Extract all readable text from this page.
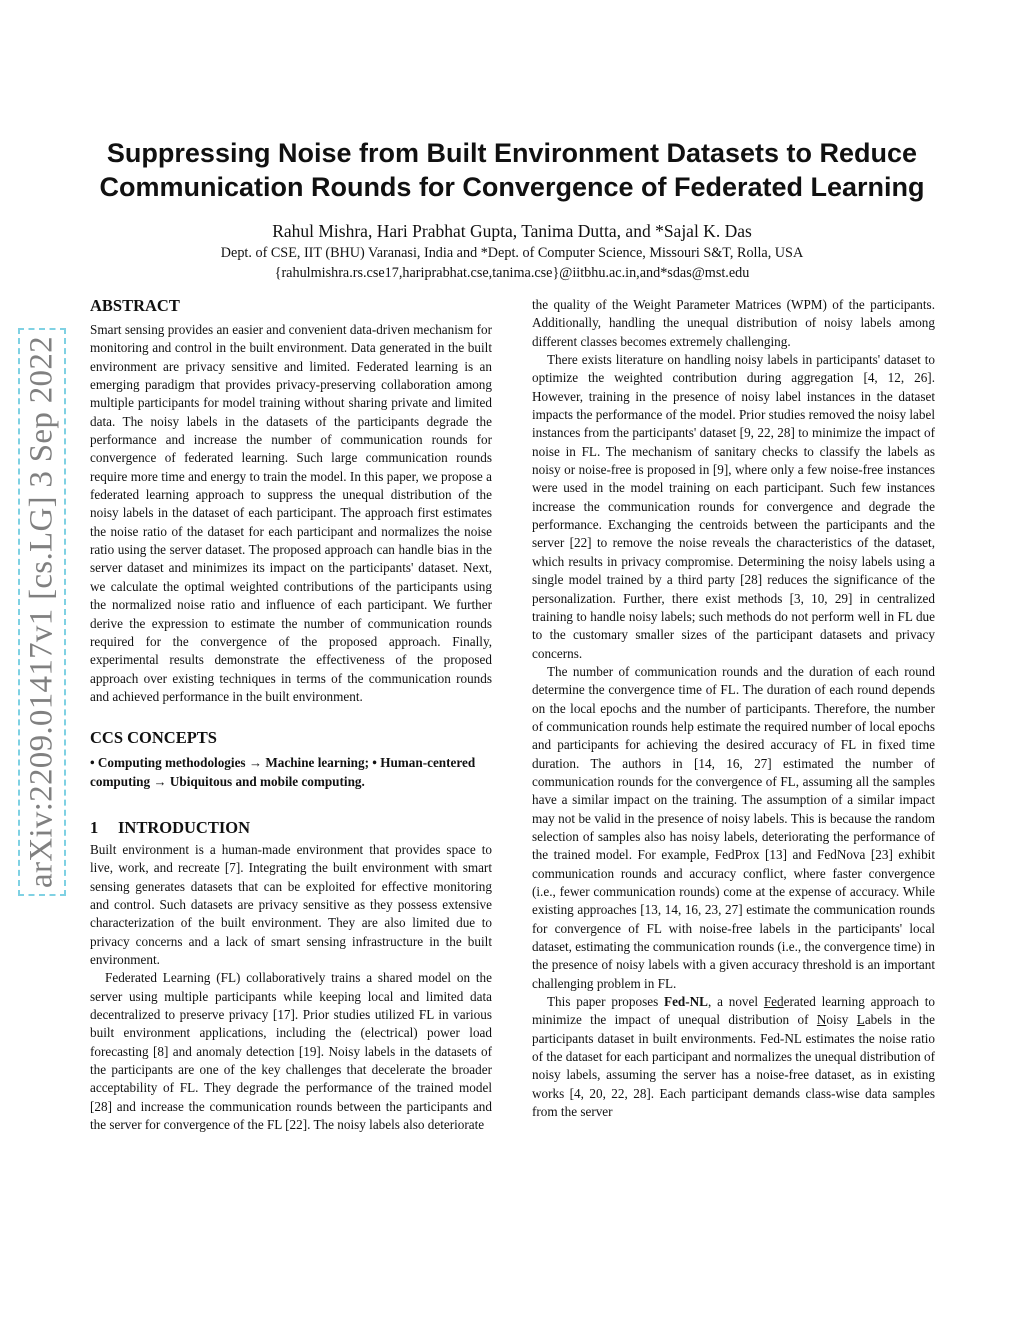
Suppressing Noise from Built Environment Datasets to Reduce
Communication Rounds for Convergence of Federated Learning
Rahul Mishra, Hari Prabhat Gupta, Tanima Dutta, and *Sajal K. Das
Dept. of CSE, IIT (BHU) Varanasi, India and *Dept. of Computer Science, Missouri S&T, Rolla, USA
{rahulmishra.rs.cse17,hariprabhat.cse,tanima.cse}@iitbhu.ac.in,and*sdas@mst.edu
arXiv:2209.01417v1 [cs.LG] 3 Sep 2022
ABSTRACT

Smart sensing provides an easier and convenient data-driven mechanism for monitoring and control in the built environment. Data generated in the built environment are privacy sensitive and limited. Federated learning is an emerging paradigm that provides privacy-preserving collaboration among multiple participants for model training without sharing private and limited data. The noisy labels in the datasets of the participants degrade the performance and increase the number of communication rounds for convergence of federated learning. Such large communication rounds require more time and energy to train the model. In this paper, we propose a federated learning approach to suppress the unequal distribution of the noisy labels in the dataset of each participant. The approach first estimates the noise ratio of the dataset for each participant and normalizes the noise ratio using the server dataset. The proposed approach can handle bias in the server dataset and minimizes its impact on the participants' dataset. Next, we calculate the optimal weighted contributions of the participants using the normalized noise ratio and influence of each participant. We further derive the expression to estimate the number of communication rounds required for the convergence of the proposed approach. Finally, experimental results demonstrate the effectiveness of the proposed approach over existing techniques in terms of the communication rounds and achieved performance in the built environment.

CCS CONCEPTS

• Computing methodologies → Machine learning; • Human-centered computing → Ubiquitous and mobile computing.

1 INTRODUCTION

Built environment is a human-made environment that provides space to live, work, and recreate [7]. Integrating the built environment with smart sensing generates datasets that can be exploited for effective monitoring and control. Such datasets are privacy sensitive as they possess extensive characterization of the built environment. They are also limited due to privacy concerns and a lack of smart sensing infrastructure in the built environment.

Federated Learning (FL) collaboratively trains a shared model on the server using multiple participants while keeping local and limited data decentralized to preserve privacy [17]. Prior studies utilized FL in various built environment applications, including the (electrical) power load forecasting [8] and anomaly detection [19]. Noisy labels in the datasets of the participants are one of the key challenges that decelerate the broader acceptability of FL. They degrade the performance of the trained model [28] and increase the communication rounds between the participants and the server for convergence of the FL [22]. The noisy labels also deteriorate

the quality of the Weight Parameter Matrices (WPM) of the participants. Additionally, handling the unequal distribution of noisy labels among different classes becomes extremely challenging.

There exists literature on handling noisy labels in participants' dataset to optimize the weighted contribution during aggregation [4, 12, 26]. However, training in the presence of noisy label instances in the dataset impacts the performance of the model. Prior studies removed the noisy label instances from the participants' dataset [9, 22, 28] to minimize the impact of noise in FL. The mechanism of sanitary checks to classify the labels as noisy or noise-free is proposed in [9], where only a few noise-free instances were used in the model training on each participant. Such few instances increase the communication rounds for convergence and degrade the performance. Exchanging the centroids between the participants and the server [22] to remove the noise reveals the characteristics of the dataset, which results in privacy compromise. Determining the noisy labels using a single model trained by a third party [28] reduces the significance of the personalization. Further, there exist methods [3, 10, 29] in centralized training to handle noisy labels; such methods do not perform well in FL due to the customary smaller sizes of the participant datasets and privacy concerns.

The number of communication rounds and the duration of each round determine the convergence time of FL. The duration of each round depends on the local epochs and the number of participants. Therefore, the number of communication rounds help estimate the required number of local epochs and participants for achieving the desired accuracy of FL in fixed time duration. The authors in [14, 16, 27] estimated the number of communication rounds for the convergence of FL, assuming all the samples have a similar impact on the training. The assumption of a similar impact may not be valid in the presence of noisy labels. This is because the random selection of samples also has noisy labels, deteriorating the performance of the trained model. For example, FedProx [13] and FedNova [23] exhibit communication rounds and accuracy conflict, where faster convergence (i.e., fewer communication rounds) come at the expense of accuracy. While existing approaches [13, 14, 16, 23, 27] estimate the communication rounds for convergence of FL with noise-free labels in the participants' local dataset, estimating the communication rounds (i.e., the convergence time) in the presence of noisy labels with a given accuracy threshold is an important challenging problem in FL.

This paper proposes Fed-NL, a novel Federated learning approach to minimize the impact of unequal distribution of Noisy Labels in the participants dataset in built environments. Fed-NL estimates the noise ratio of the dataset for each participant and normalizes the unequal distribution of noisy labels, assuming the server has a noise-free dataset, as in existing works [4, 20, 22, 28]. Each participant demands class-wise data samples from the server
